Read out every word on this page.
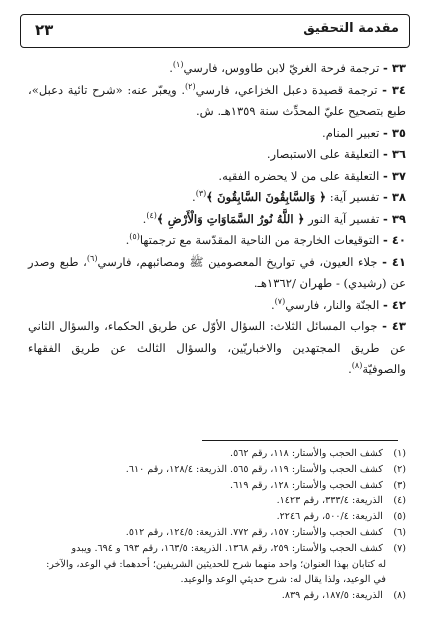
مقدمة التحقيق
٢٣

٣٣ - ترجمة فرحة الغريّ لابن طاووس، فارسي$^{(١)}$.

٣٤ - ترجمة قصيدة دعبل الخزاعي، فارسي$^{(٢)}$. ويعبّر عنه: «شرح تائية دعبل»، طبع بتصحيح عليّ المحدِّث سنة ١٣٥٩هـ. ش.

٣٥ - تعبير المنام.

٣٦ - التعليقة على الاستبصار.

٣٧ - التعليقة على من لا يحضره الفقيه.

٣٨ - تفسير آية: ﴿ وَالسَّابِقُونَ السَّابِقُونَ ﴾$^{(٣)}$.

٣٩ - تفسير آية النور ﴿ اللَّهُ نُورُ السَّمَاوَاتِ وَالْأَرْضِ ﴾$^{(٤)}$.

٤٠ - التوقيعات الخارجة من الناحية المقدّسة مع ترجمتها$^{(٥)}$.

٤١ - جلاء العيون، في تواريخ المعصومين ﷺ ومصائبهم، فارسي$^{(٦)}$، طبع وصدر عن (رشيدي) - طهران /١٣٦٢هـ.

٤٢ - الجنّة والنار، فارسي$^{(٧)}$.

٤٣ - جواب المسائل الثلاث: السؤال الأوّل عن طريق الحكماء، والسؤال الثاني عن طريق المجتهدين والاخباريّين، والسؤال الثالث عن طريق الفقهاء والصوفيّة$^{(٨)}$.

(١) كشف الحجب والأستار: ١١٨، رقم ٥٦٢.

(٢) كشف الحجب والأستار: ١١٩، رقم ٥٦٥. الذريعة: ١٢٨/٤، رقم ٦١٠.

(٣) كشف الحجب والأستار: ١٢٨، رقم ٦١٩.

(٤) الذريعة: ٣٣٣/٤، رقم ١٤٢٣.

(٥) الذريعة: ٥٠٠/٤، رقم ٢٢٤٦.

(٦) كشف الحجب والأستار: ١٥٧، رقم ٧٧٢. الذريعة: ١٢٤/٥، رقم ٥١٢.

(٧) كشف الحجب والأستار: ٢٥٩، رقم ١٣٦٨. الذريعة: ١٦٣/٥، رقم ٦٩٣ و ٦٩٤. ويبدو

له كتابان بهذا العنوان؛ واحد منهما شرح للحديثين الشريفين؛ أحدهما: في الوعد، والآخر:

في الوعيد، ولذا يقال له: شرح حديثي الوعد والوعيد.

(٨) الذريعة: ١٨٧/٥، رقم ٨٣٩.
